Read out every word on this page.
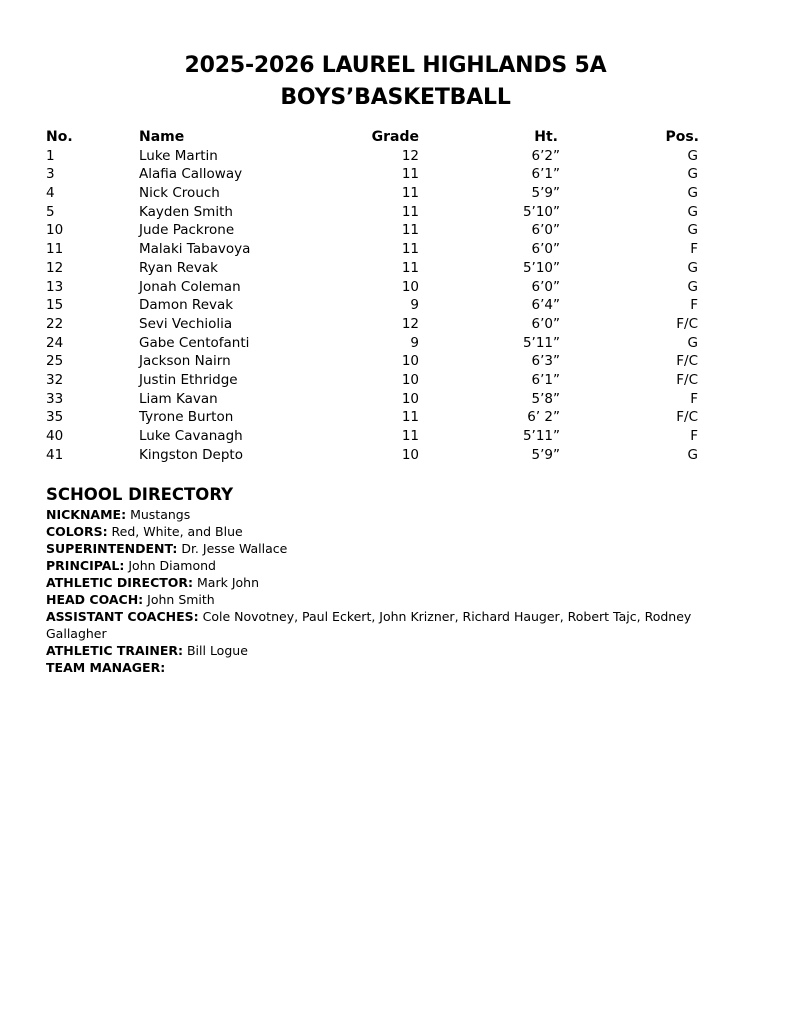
2025-2026 LAUREL HIGHLANDS 5A
BOYS’BASKETBALL
No.	Name	Grade	Ht.	Pos.
1	Luke Martin	12	6’2”	G
3	Alafia Calloway	11	6’1”	G
4	Nick Crouch	11	5’9”	G
5	Kayden Smith	11	5’10”	G
10	Jude Packrone	11	6’0”	G
11	Malaki Tabavoya	11	6’0”	F
12	Ryan Revak	11	5’10”	G
13	Jonah Coleman	10	6’0”	G
15	Damon Revak	9	6’4”	F
22	Sevi Vechiolia	12	6’0”	F/C
24	Gabe Centofanti	9	5’11”	G
25	Jackson Nairn	10	6’3”	F/C
32	Justin Ethridge	10	6’1”	F/C
33	Liam Kavan	10	5’8”	F
35	Tyrone Burton	11	6’ 2”	F/C
40	Luke Cavanagh	11	5’11”	F
41	Kingston Depto	10	5’9”	G
SCHOOL DIRECTORY
NICKNAME: Mustangs
COLORS: Red, White, and Blue
SUPERINTENDENT: Dr. Jesse Wallace
PRINCIPAL: John Diamond
ATHLETIC DIRECTOR: Mark John
HEAD COACH: John Smith
ASSISTANT COACHES: Cole Novotney, Paul Eckert, John Krizner, Richard Hauger, Robert Tajc, Rodney Gallagher
ATHLETIC TRAINER: Bill Logue
TEAM MANAGER:
